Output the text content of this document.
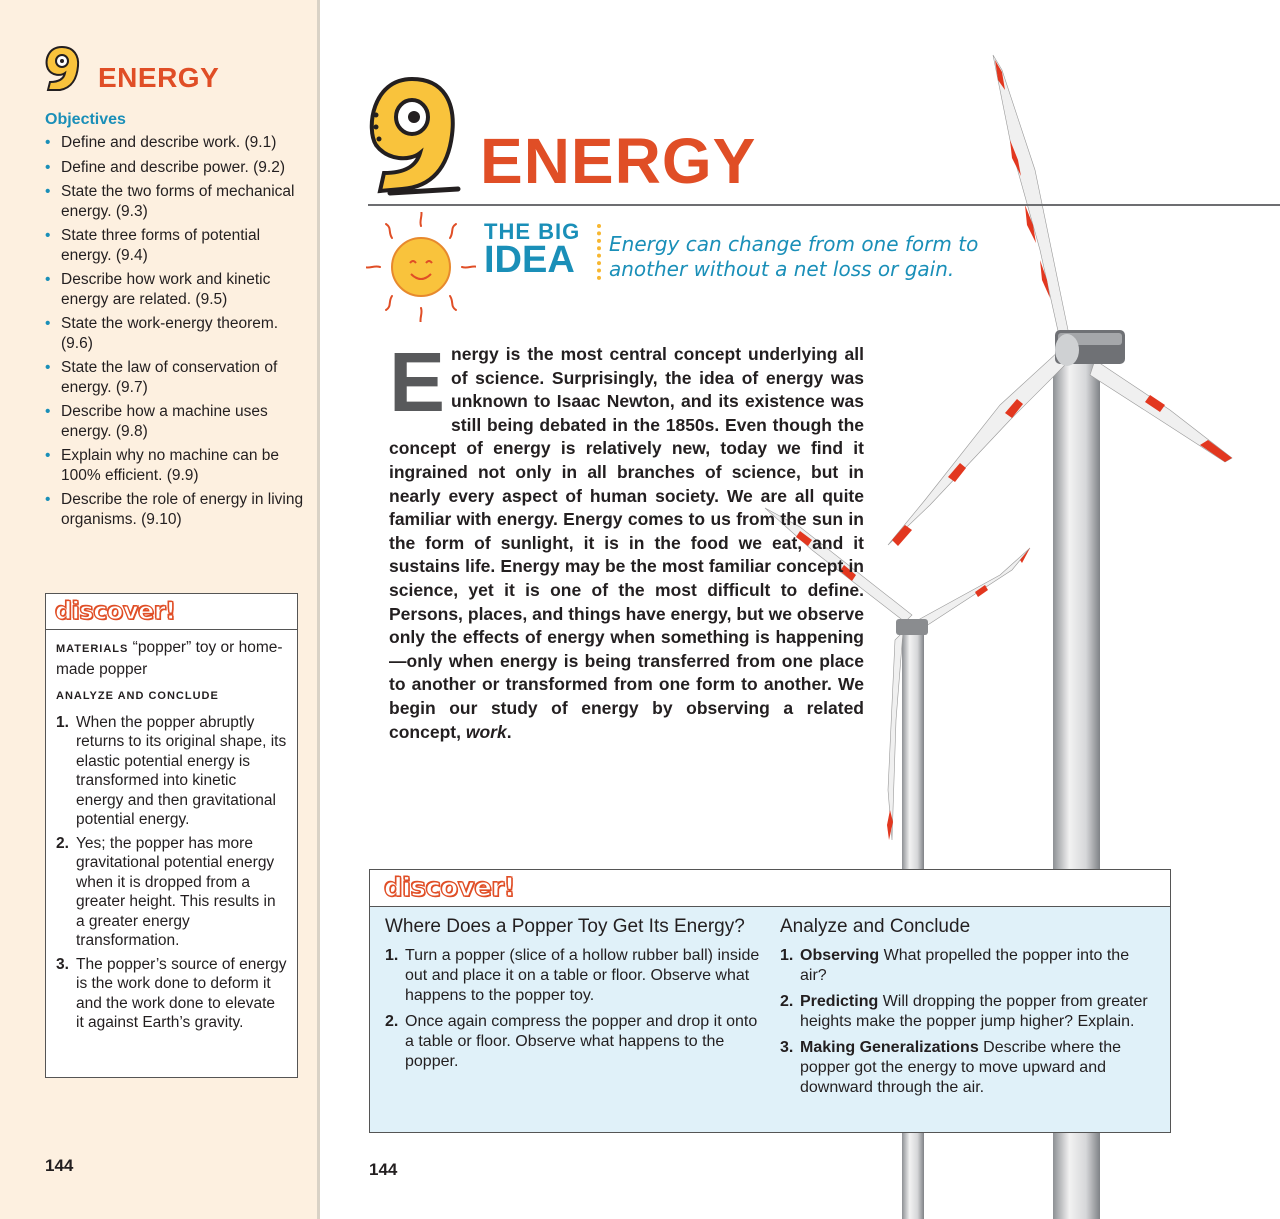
ENERGY
Objectives
• Define and describe work. (9.1)
• Define and describe power. (9.2)
• State the two forms of mechanical energy. (9.3)
• State three forms of potential energy. (9.4)
• Describe how work and kinetic energy are related. (9.5)
• State the work-energy theorem. (9.6)
• State the law of conservation of energy. (9.7)
• Describe how a machine uses energy. (9.8)
• Explain why no machine can be 100% efficient. (9.9)
• Describe the role of energy in living organisms. (9.10)
discover!
MATERIALS “popper” toy or home-made popper
ANALYZE AND CONCLUDE
1. When the popper abruptly returns to its original shape, its elastic potential energy is transformed into kinetic energy and then gravitational potential energy.
2. Yes; the popper has more gravitational potential energy when it is dropped from a greater height. This results in a greater energy transformation.
3. The popper’s source of energy is the work done to deform it and the work done to elevate it against Earth’s gravity.
144
ENERGY
THE BIG
IDEA Energy can change from one form to another without a net loss or gain.
Energy is the most central concept underlying all of science. Surprisingly, the idea of energy was unknown to Isaac Newton, and its existence was still being debated in the 1850s. Even though the concept of energy is relatively new, today we find it ingrained not only in all branches of science, but in nearly every aspect of human society. We are all quite familiar with energy. Energy comes to us from the sun in the form of sunlight, it is in the food we eat, and it sustains life. Energy may be the most familiar concept in science, yet it is one of the most difficult to define. Persons, places, and things have energy, but we observe only the effects of energy when something is happening—only when energy is being transferred from one place to another or transformed from one form to another. We begin our study of energy by observing a related concept, work.
discover!
Where Does a Popper Toy Get Its Energy?
1. Turn a popper (slice of a hollow rubber ball) inside out and place it on a table or floor. Observe what happens to the popper toy.
2. Once again compress the popper and drop it onto a table or floor. Observe what happens to the popper.
Analyze and Conclude
1. Observing What propelled the popper into the air?
2. Predicting Will dropping the popper from greater heights make the popper jump higher? Explain.
3. Making Generalizations Describe where the popper got the energy to move upward and downward through the air.
144
